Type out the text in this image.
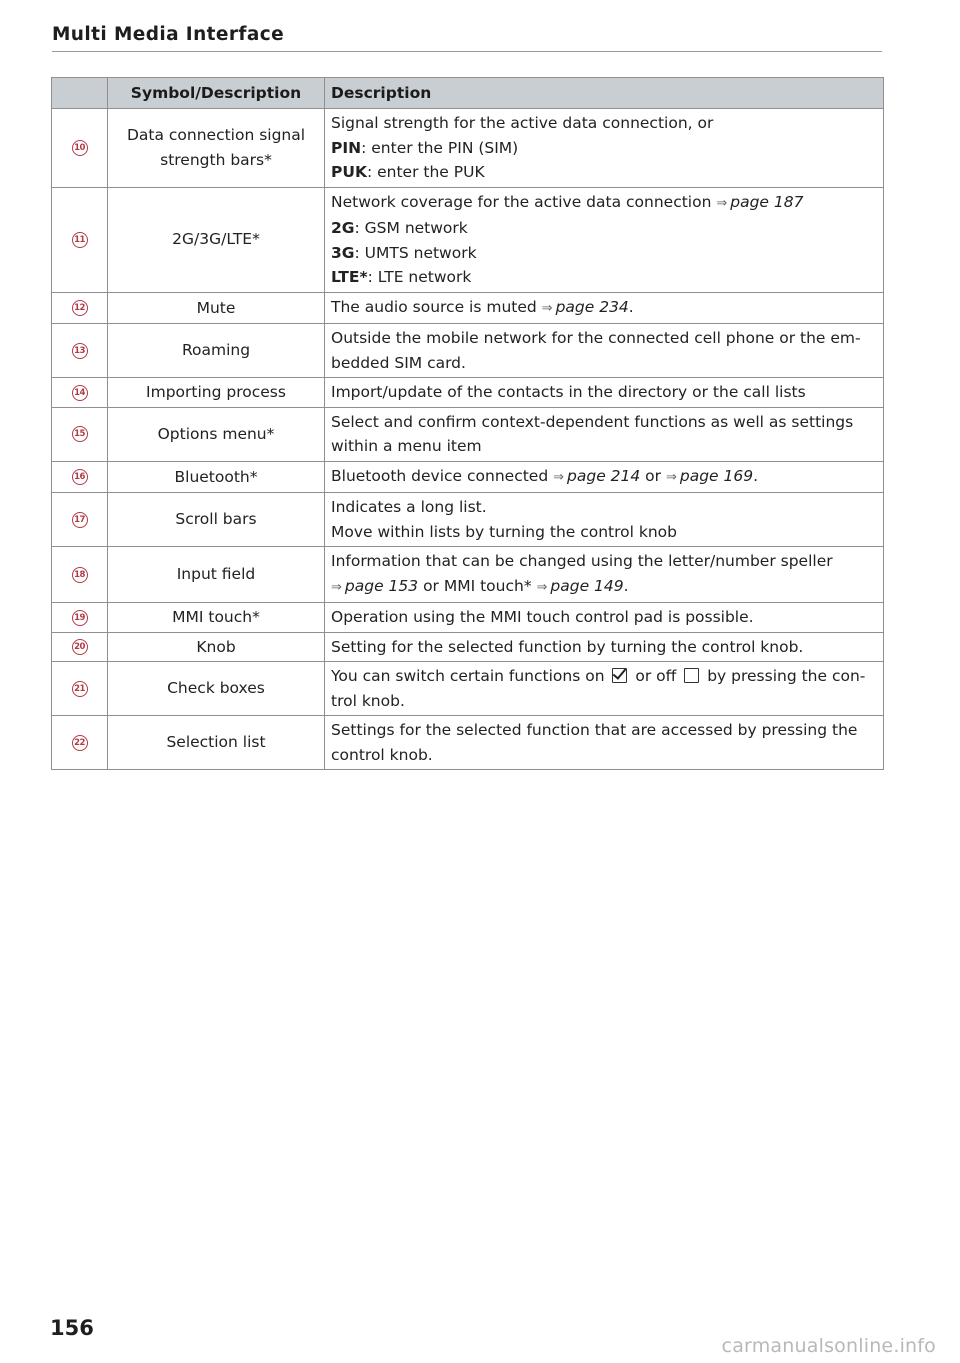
Multi Media Interface
	Symbol/Description	Description
10	Data connection signal strength bars*	Signal strength for the active data connection, or
PIN: enter the PIN (SIM)
PUK: enter the PUK

11	2G/3G/LTE*	Network coverage for the active data connection ⇒ page 187
2G: GSM network
3G: UMTS network
LTE*: LTE network

12	Mute	The audio source is muted ⇒ page 234.

13	Roaming	Outside the mobile network for the connected cell phone or the em-
bedded SIM card.

14	Importing process	Import/update of the contacts in the directory or the call lists

15	Options menu*	Select and confirm context-dependent functions as well as settings
within a menu item

16	Bluetooth*	Bluetooth device connected ⇒ page 214 or ⇒ page 169.

17	Scroll bars	Indicates a long list.
Move within lists by turning the control knob

18	Input field	Information that can be changed using the letter/number speller
⇒ page 153 or MMI touch* ⇒ page 149.

19	MMI touch*	Operation using the MMI touch control pad is possible.

20	Knob	Setting for the selected function by turning the control knob.

21	Check boxes	You can switch certain functions on  or off  by pressing the con-
trol knob.

22	Selection list	Settings for the selected function that are accessed by pressing the
control knob.
156
carmanualsonline.info
